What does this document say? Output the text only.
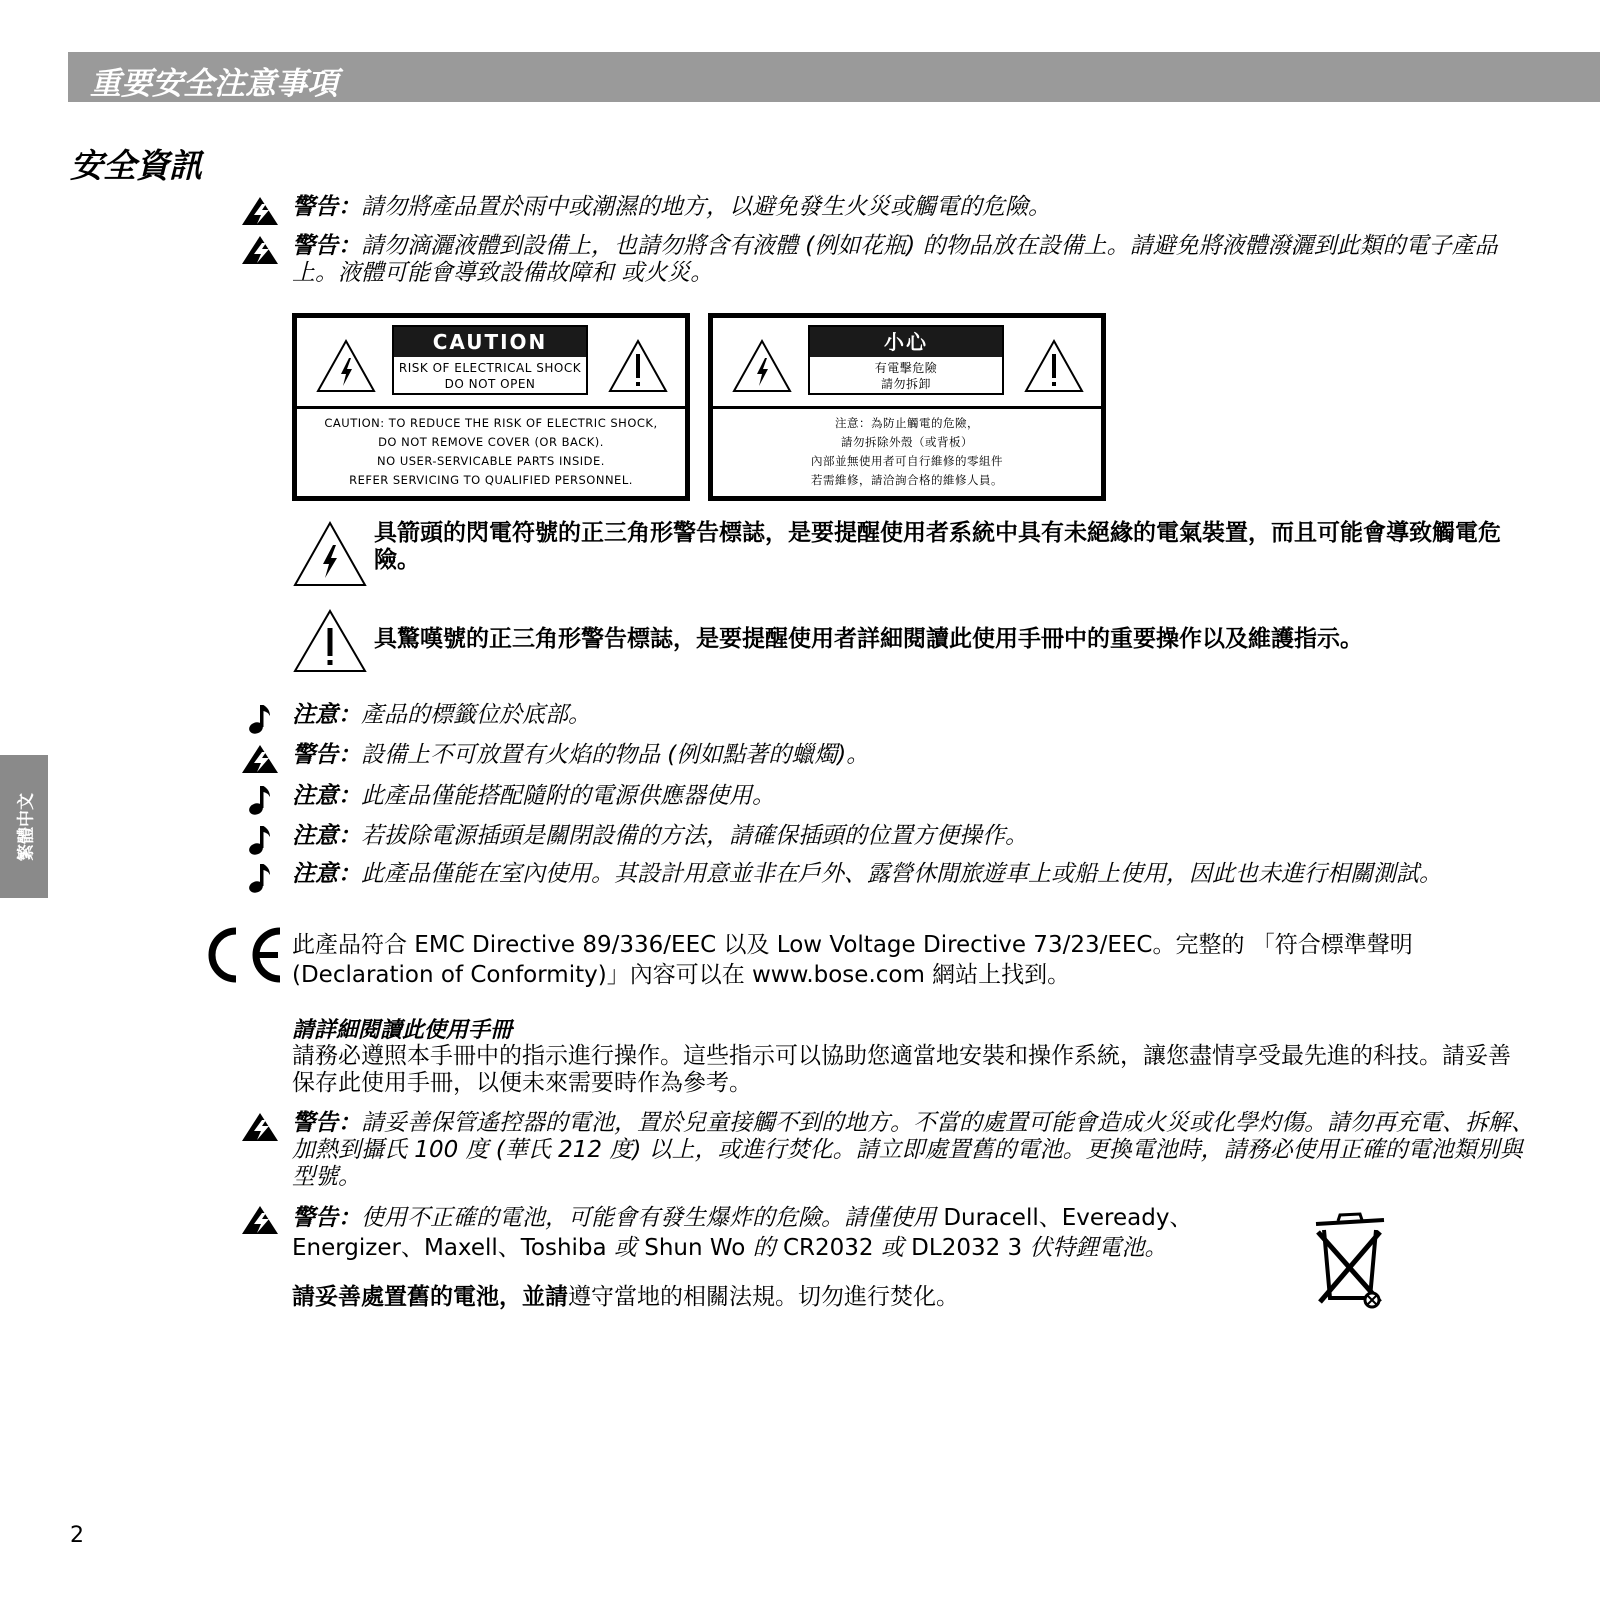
重要安全注意事項
安全資訊
繁體中文
警告：請勿將產品置於雨中或潮濕的地方，以避免發生火災或觸電的危險。
警告：請勿滴灑液體到設備上，也請勿將含有液體 (例如花瓶) 的物品放在設備上。請避免將液體潑灑到此類的電子產品上。液體可能會導致設備故障和 或火災。
CAUTION
RISK OF ELECTRICAL SHOCK
DO NOT OPEN
CAUTION: TO REDUCE THE RISK OF ELECTRIC SHOCK,
DO NOT REMOVE COVER (OR BACK).
NO USER-SERVICABLE PARTS INSIDE.
REFER SERVICING TO QUALIFIED PERSONNEL.
小心
有電擊危險
請勿拆卸
注意：為防止觸電的危險，
請勿拆除外殼（或背板）
內部並無使用者可自行維修的零組件
若需維修，請洽詢合格的維修人員。
具箭頭的閃電符號的正三角形警告標誌，是要提醒使用者系統中具有未絕緣的電氣裝置，而且可能會導致觸電危險。
具驚嘆號的正三角形警告標誌，是要提醒使用者詳細閱讀此使用手冊中的重要操作以及維護指示。
注意：產品的標籤位於底部。
警告：設備上不可放置有火焰的物品 (例如點著的蠟燭)。
注意：此產品僅能搭配隨附的電源供應器使用。
注意：若拔除電源插頭是關閉設備的方法，請確保插頭的位置方便操作。
注意：此產品僅能在室內使用。其設計用意並非在戶外、露營休閒旅遊車上或船上使用，因此也未進行相關測試。
此產品符合 EMC Directive 89/336/EEC 以及 Low Voltage Directive 73/23/EEC。完整的 「符合標準聲明 (Declaration of Conformity)」內容可以在 www.bose.com 網站上找到。
請詳細閱讀此使用手冊
請務必遵照本手冊中的指示進行操作。這些指示可以協助您適當地安裝和操作系統，讓您盡情享受最先進的科技。請妥善保存此使用手冊，以便未來需要時作為參考。
警告：請妥善保管遙控器的電池，置於兒童接觸不到的地方。不當的處置可能會造成火災或化學灼傷。請勿再充電、拆解、加熱到攝氏 100 度 (華氏 212 度) 以上，或進行焚化。請立即處置舊的電池。更換電池時，請務必使用正確的電池類別與型號。
警告：使用不正確的電池，可能會有發生爆炸的危險。請僅使用 Duracell、Eveready、
Energizer、Maxell、Toshiba 或 Shun Wo 的 CR2032 或 DL2032 3 伏特鋰電池。
請妥善處置舊的電池，並請遵守當地的相關法規。切勿進行焚化。
2
